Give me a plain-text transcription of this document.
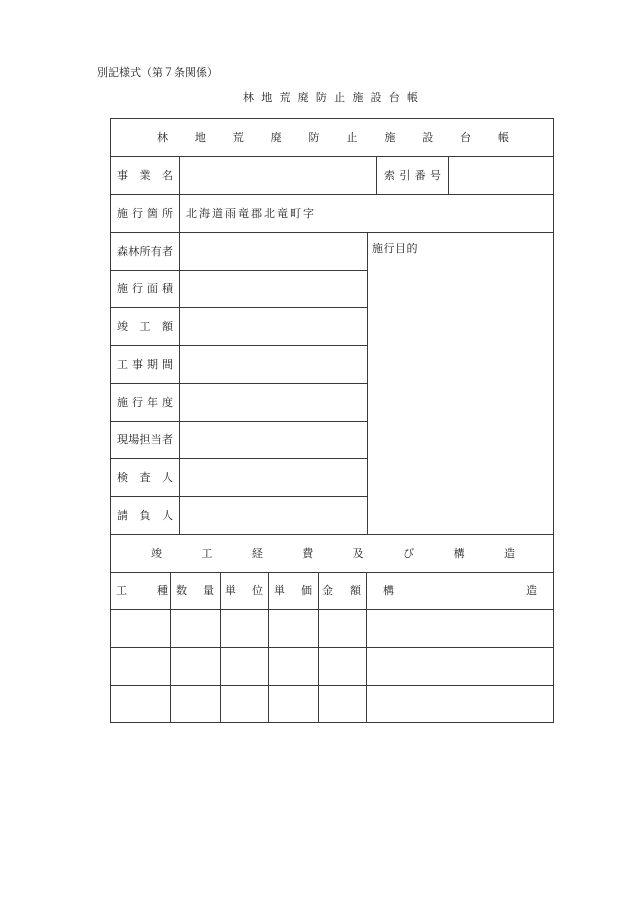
別記様式（第７条関係）
林 地 荒 廃 防 止 施 設 台 帳
林 地 荒 廃 防 止 施 設 台 帳
事 業 名	索引番号
施行箇所 北海道雨竜郡北竜町字
森林所有者
施行面積
竣 工 額
工事期間
施行年度
現場担当者
検 査 人
請 負 人
施行目的
竣 工 経 費 及 び 構 造
工 種 数 量 単 位 単 価 金 額 構 造
